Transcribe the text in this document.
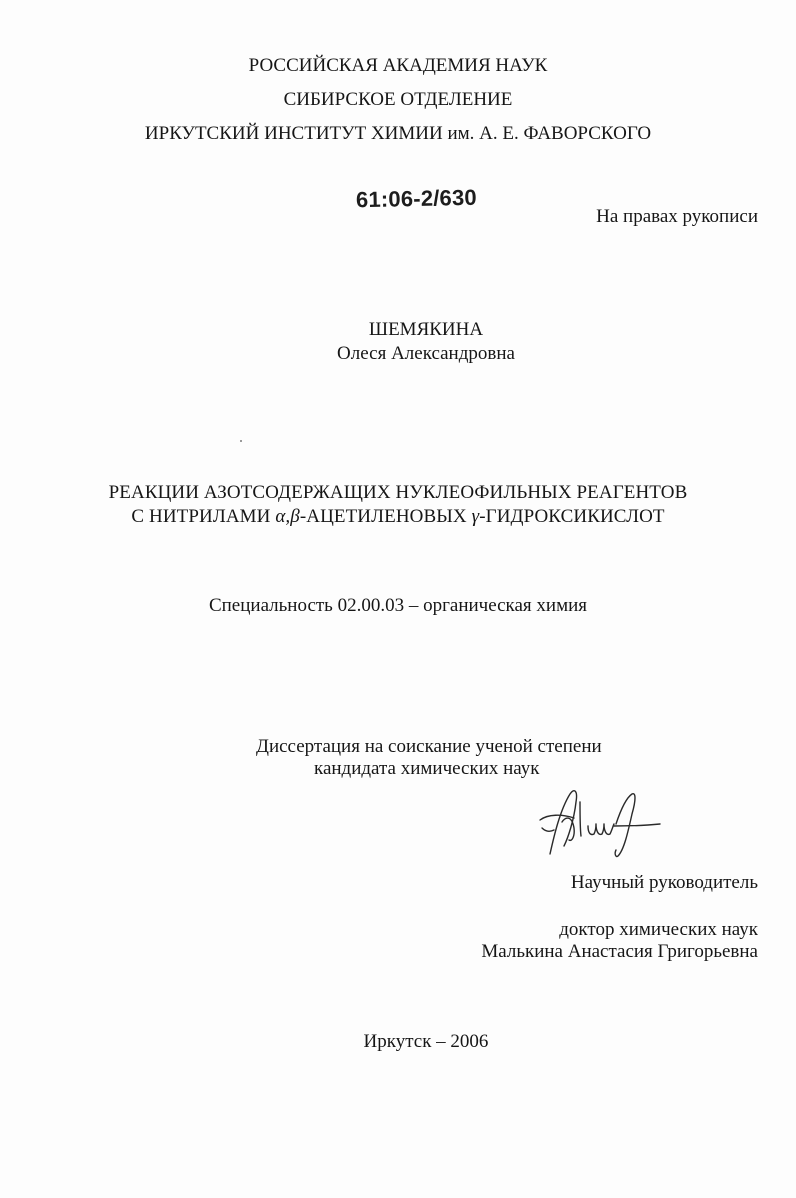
РОССИЙСКАЯ АКАДЕМИЯ НАУК
СИБИРСКОЕ ОТДЕЛЕНИЕ
ИРКУТСКИЙ ИНСТИТУТ ХИМИИ им. А. Е. ФАВОРСКОГО
61:06-2/630
На правах рукописи
ШЕМЯКИНА
Олеся Александровна
РЕАКЦИИ АЗОТСОДЕРЖАЩИХ НУКЛЕОФИЛЬНЫХ РЕАГЕНТОВ
С НИТРИЛАМИ α,β-АЦЕТИЛЕНОВЫХ γ-ГИДРОКСИКИСЛОТ
Специальность 02.00.03 – органическая химия
Диссертация на соискание ученой степени
кандидата химических наук
Научный руководитель
доктор химических наук
Малькина Анастасия Григорьевна
Иркутск – 2006
